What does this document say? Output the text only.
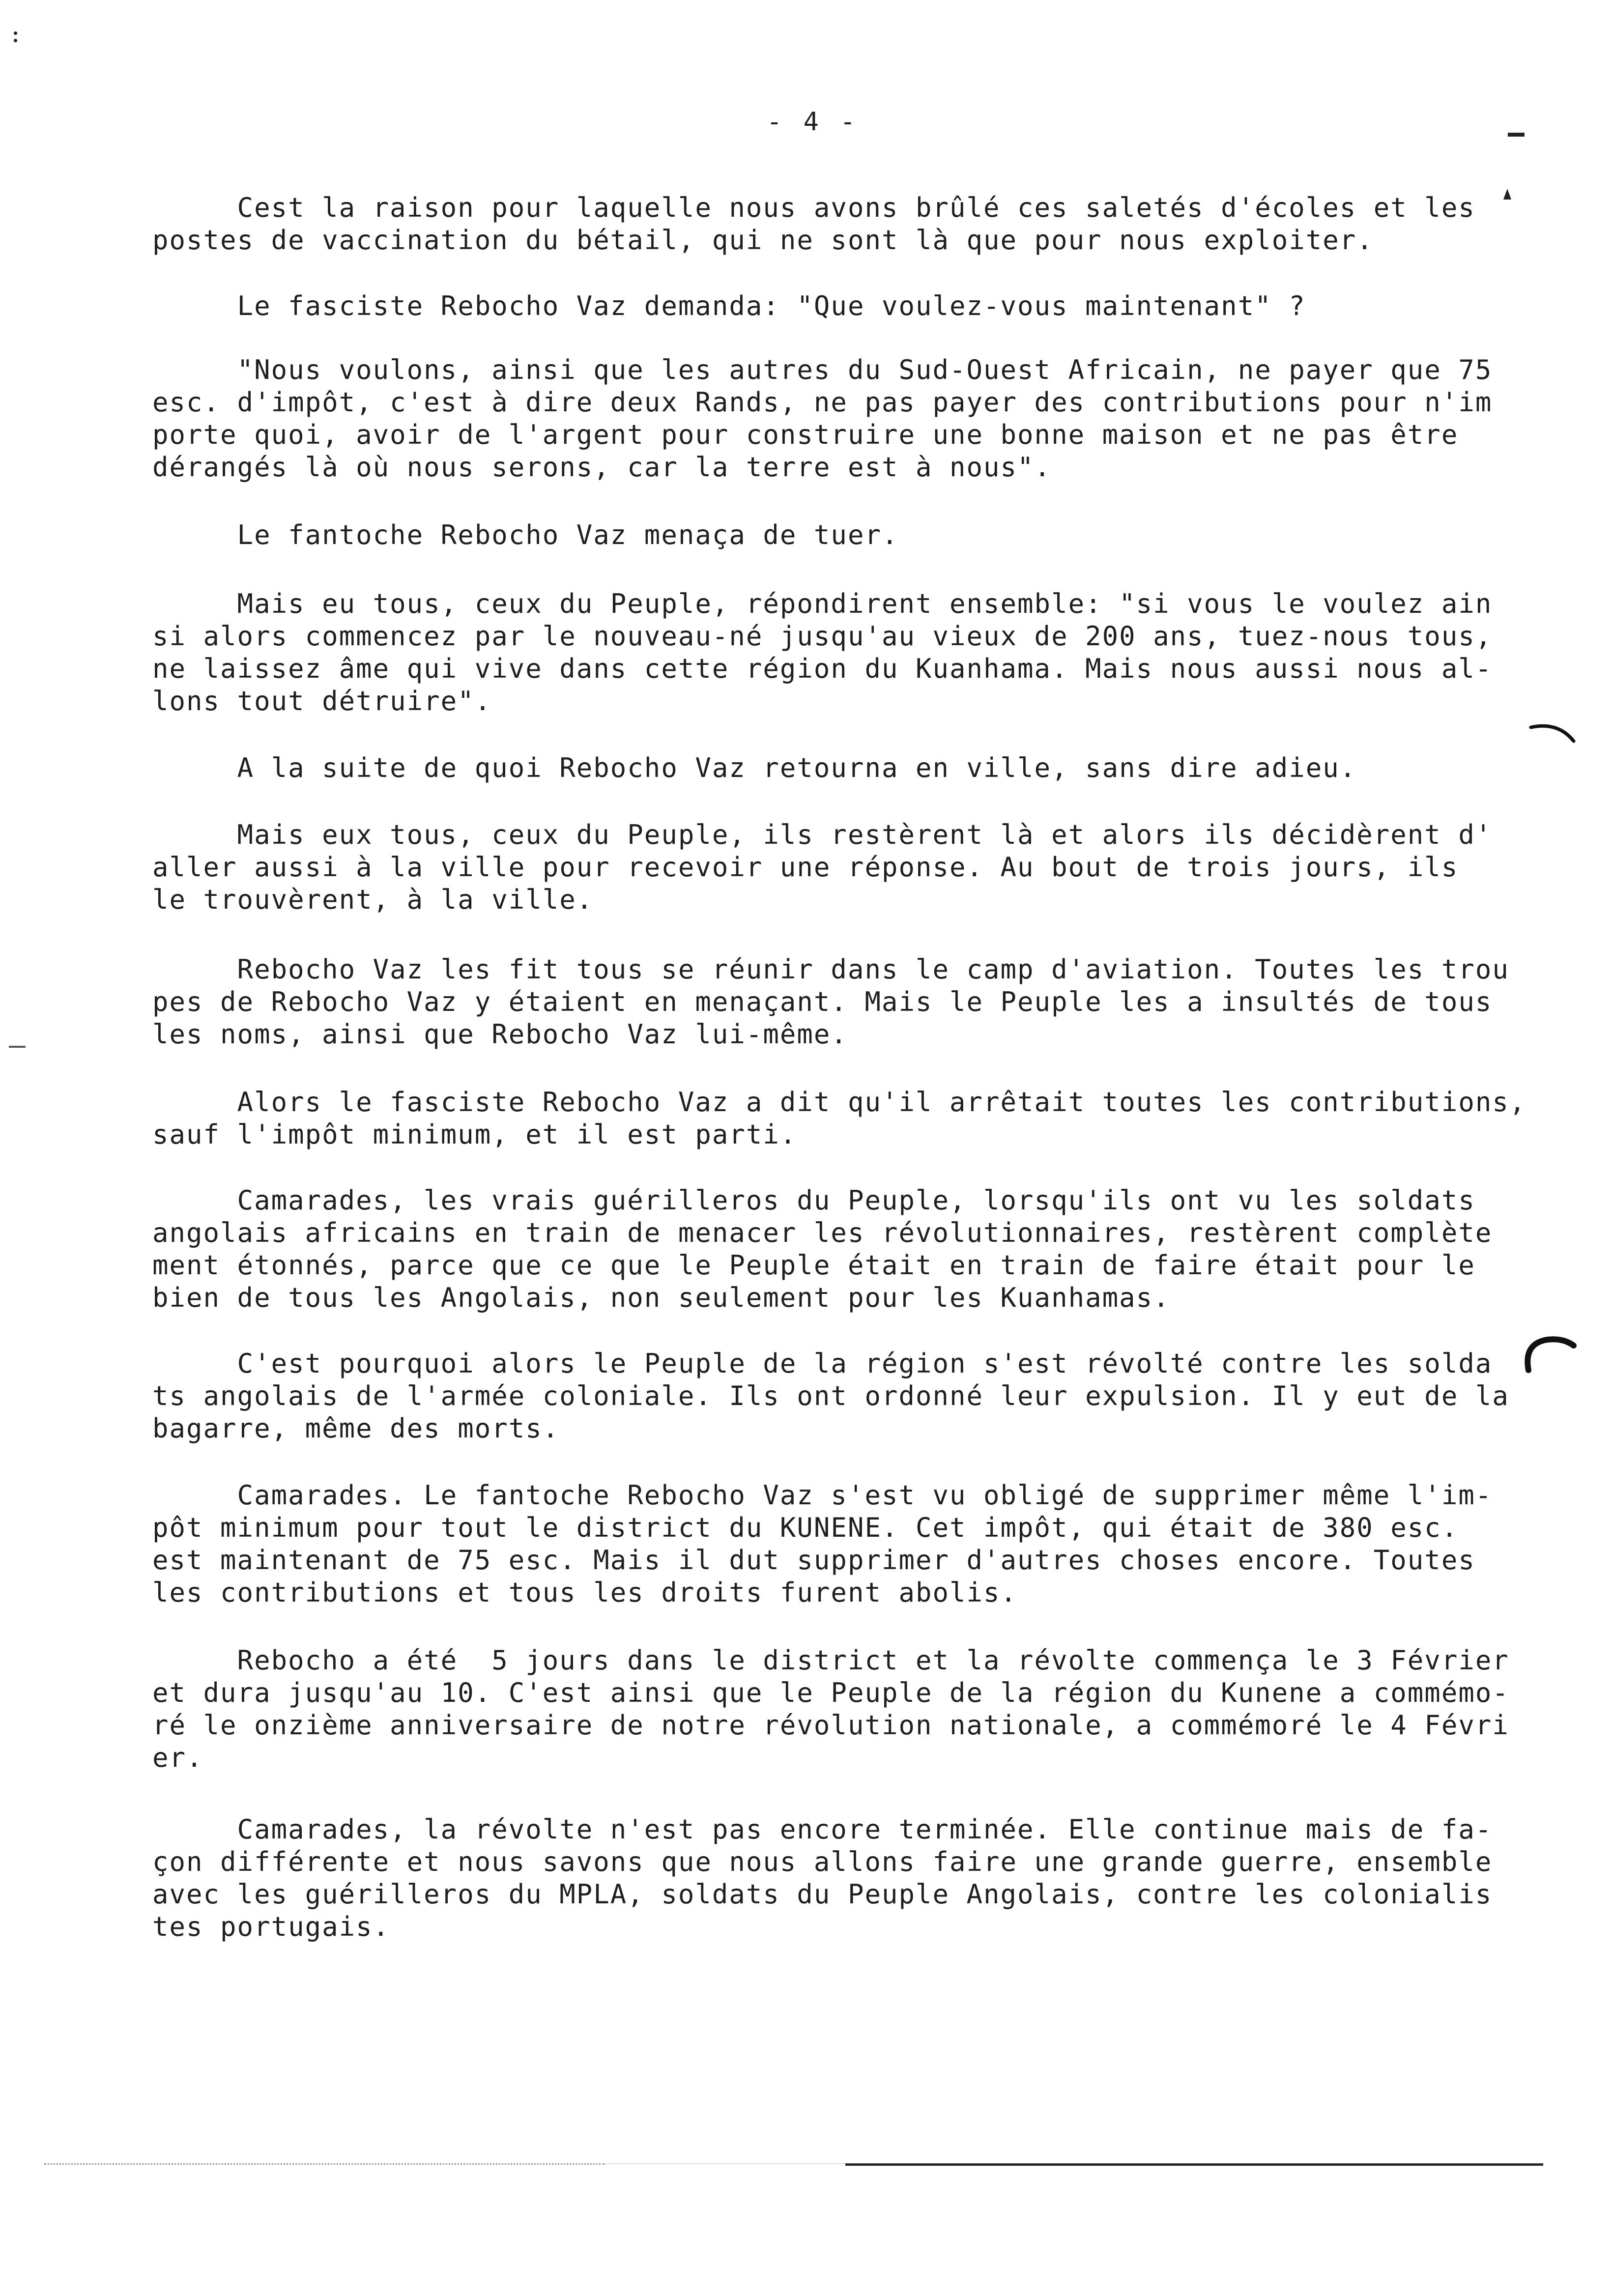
- 4 -
Cest la raison pour laquelle nous avons brûlé ces saletés d'écoles et les
postes de vaccination du bétail, qui ne sont là que pour nous exploiter.
Le fasciste Rebocho Vaz demanda: "Que voulez-vous maintenant" ?
"Nous voulons, ainsi que les autres du Sud-Ouest Africain, ne payer que 75
esc. d'impôt, c'est à dire deux Rands, ne pas payer des contributions pour n'im
porte quoi, avoir de l'argent pour construire une bonne maison et ne pas être
dérangés là où nous serons, car la terre est à nous".
Le fantoche Rebocho Vaz menaça de tuer.
Mais eu tous, ceux du Peuple, répondirent ensemble: "si vous le voulez ain
si alors commencez par le nouveau-né jusqu'au vieux de 200 ans, tuez-nous tous,
ne laissez âme qui vive dans cette région du Kuanhama. Mais nous aussi nous al-
lons tout détruire".
A la suite de quoi Rebocho Vaz retourna en ville, sans dire adieu.
Mais eux tous, ceux du Peuple, ils restèrent là et alors ils décidèrent d'
aller aussi à la ville pour recevoir une réponse. Au bout de trois jours, ils
le trouvèrent, à la ville.
Rebocho Vaz les fit tous se réunir dans le camp d'aviation. Toutes les trou
pes de Rebocho Vaz y étaient en menaçant. Mais le Peuple les a insultés de tous
les noms, ainsi que Rebocho Vaz lui-même.
Alors le fasciste Rebocho Vaz a dit qu'il arrêtait toutes les contributions,
sauf l'impôt minimum, et il est parti.
Camarades, les vrais guérilleros du Peuple, lorsqu'ils ont vu les soldats
angolais africains en train de menacer les révolutionnaires, restèrent complète
ment étonnés, parce que ce que le Peuple était en train de faire était pour le
bien de tous les Angolais, non seulement pour les Kuanhamas.
C'est pourquoi alors le Peuple de la région s'est révolté contre les solda
ts angolais de l'armée coloniale. Ils ont ordonné leur expulsion. Il y eut de la
bagarre, même des morts.
Camarades. Le fantoche Rebocho Vaz s'est vu obligé de supprimer même l'im-
pôt minimum pour tout le district du KUNENE. Cet impôt, qui était de 380 esc.
est maintenant de 75 esc. Mais il dut supprimer d'autres choses encore. Toutes
les contributions et tous les droits furent abolis.
Rebocho a été  5 jours dans le district et la révolte commença le 3 Février
et dura jusqu'au 10. C'est ainsi que le Peuple de la région du Kunene a commémo-
ré le onzième anniversaire de notre révolution nationale, a commémoré le 4 Févri
er.
Camarades, la révolte n'est pas encore terminée. Elle continue mais de fa-
çon différente et nous savons que nous allons faire une grande guerre, ensemble
avec les guérilleros du MPLA, soldats du Peuple Angolais, contre les colonialis
tes portugais.
